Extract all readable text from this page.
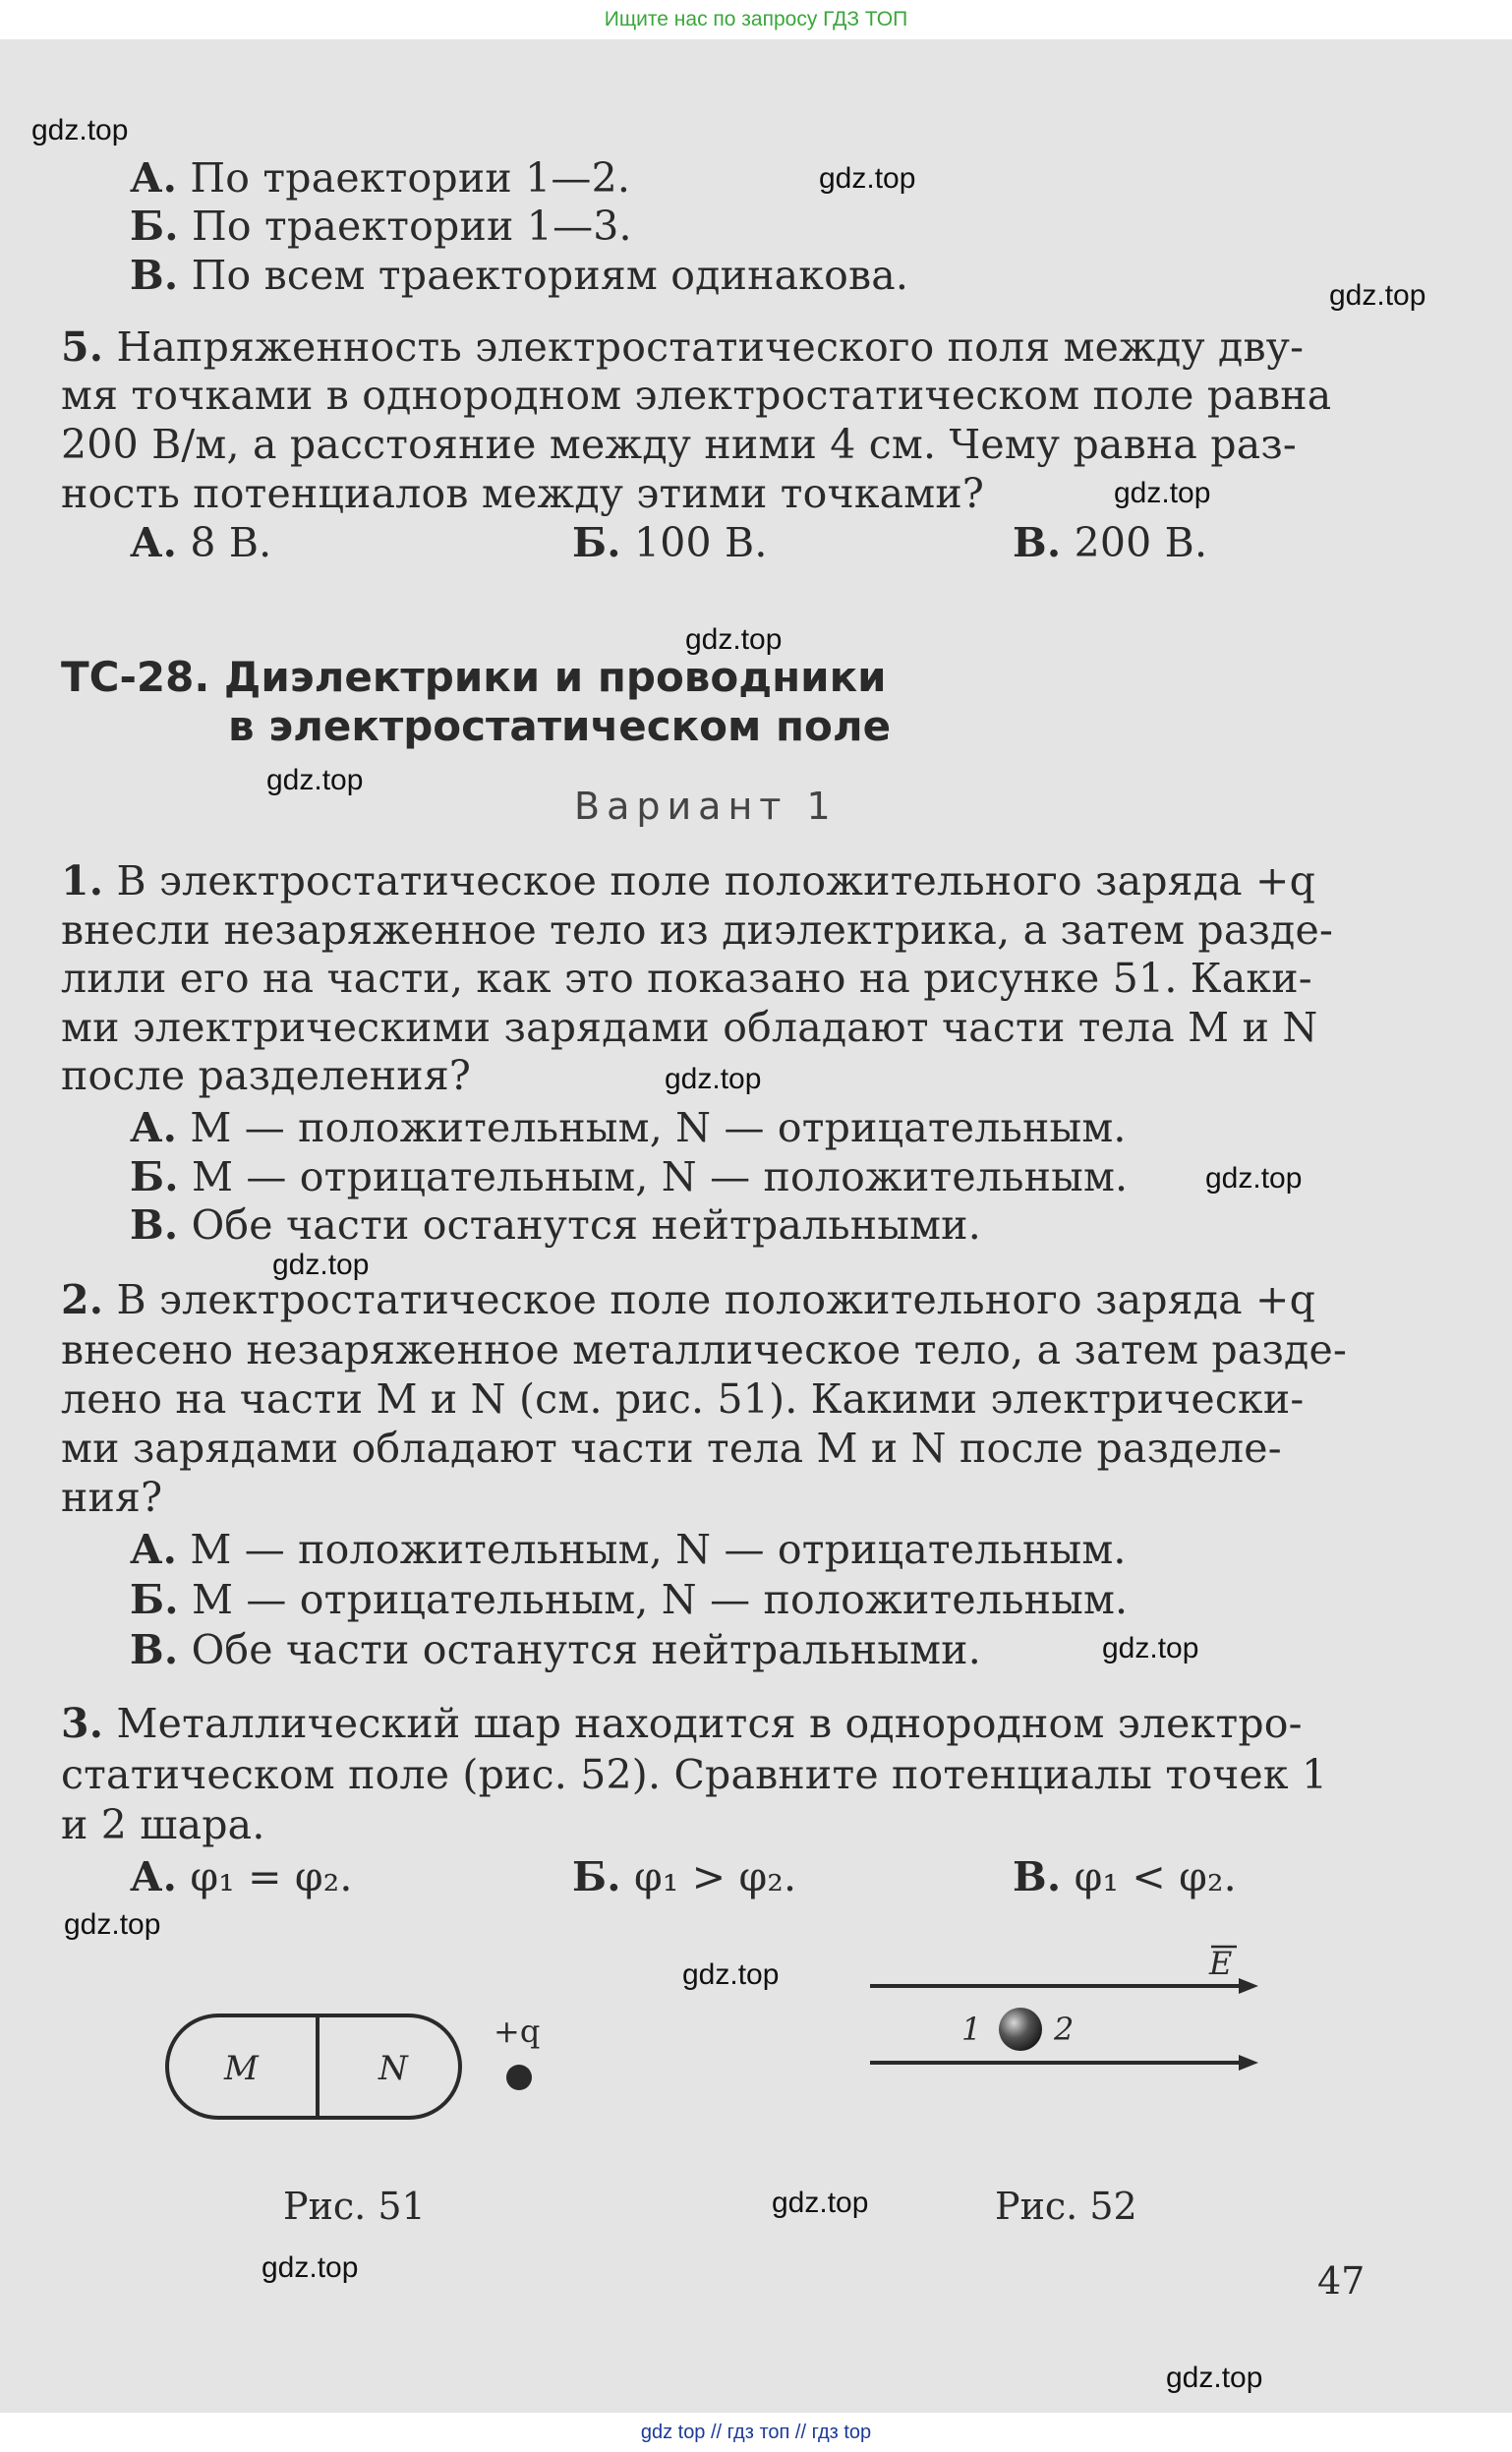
Ищите нас по запросу ГДЗ ТОП
А. По траектории 1—2.
Б. По траектории 1—3.
В. По всем траекториям одинакова.
5. Напряженность электростатического поля между дву-
мя точками в однородном электростатическом поле равна
200 В/м, а расстояние между ними 4 см. Чему равна раз-
ность потенциалов между этими точками?
А. 8 В.	Б. 100 В.	В. 200 В.
ТС-28. Диэлектрики и проводники
в электростатическом поле
Вариант 1
1. В электростатическое поле положительного заряда +q
внесли незаряженное тело из диэлектрика, а затем разде-
лили его на части, как это показано на рисунке 51. Каки-
ми электрическими зарядами обладают части тела M и N
после разделения?
А. M — положительным, N — отрицательным.
Б. M — отрицательным, N — положительным.
В. Обе части останутся нейтральными.
2. В электростатическое поле положительного заряда +q
внесено незаряженное металлическое тело, а затем разде-
лено на части M и N (см. рис. 51). Какими электрически-
ми зарядами обладают части тела M и N после разделе-
ния?
А. M — положительным, N — отрицательным.
Б. M — отрицательным, N — положительным.
В. Обе части останутся нейтральными.
3. Металлический шар находится в однородном электро-
статическом поле (рис. 52). Сравните потенциалы точек 1
и 2 шара.
А. φ₁ = φ₂.	Б. φ₁ > φ₂.	В. φ₁ < φ₂.
M	N
+q
Рис. 51
E
1 2
Рис. 52
47
gdz.top
gdz.top
gdz.top
gdz.top
gdz.top
gdz.top
gdz.top
gdz.top
gdz.top
gdz.top
gdz.top
gdz.top
gdz.top
gdz.top
gdz.top
gdz top // гдз топ // гдз top
